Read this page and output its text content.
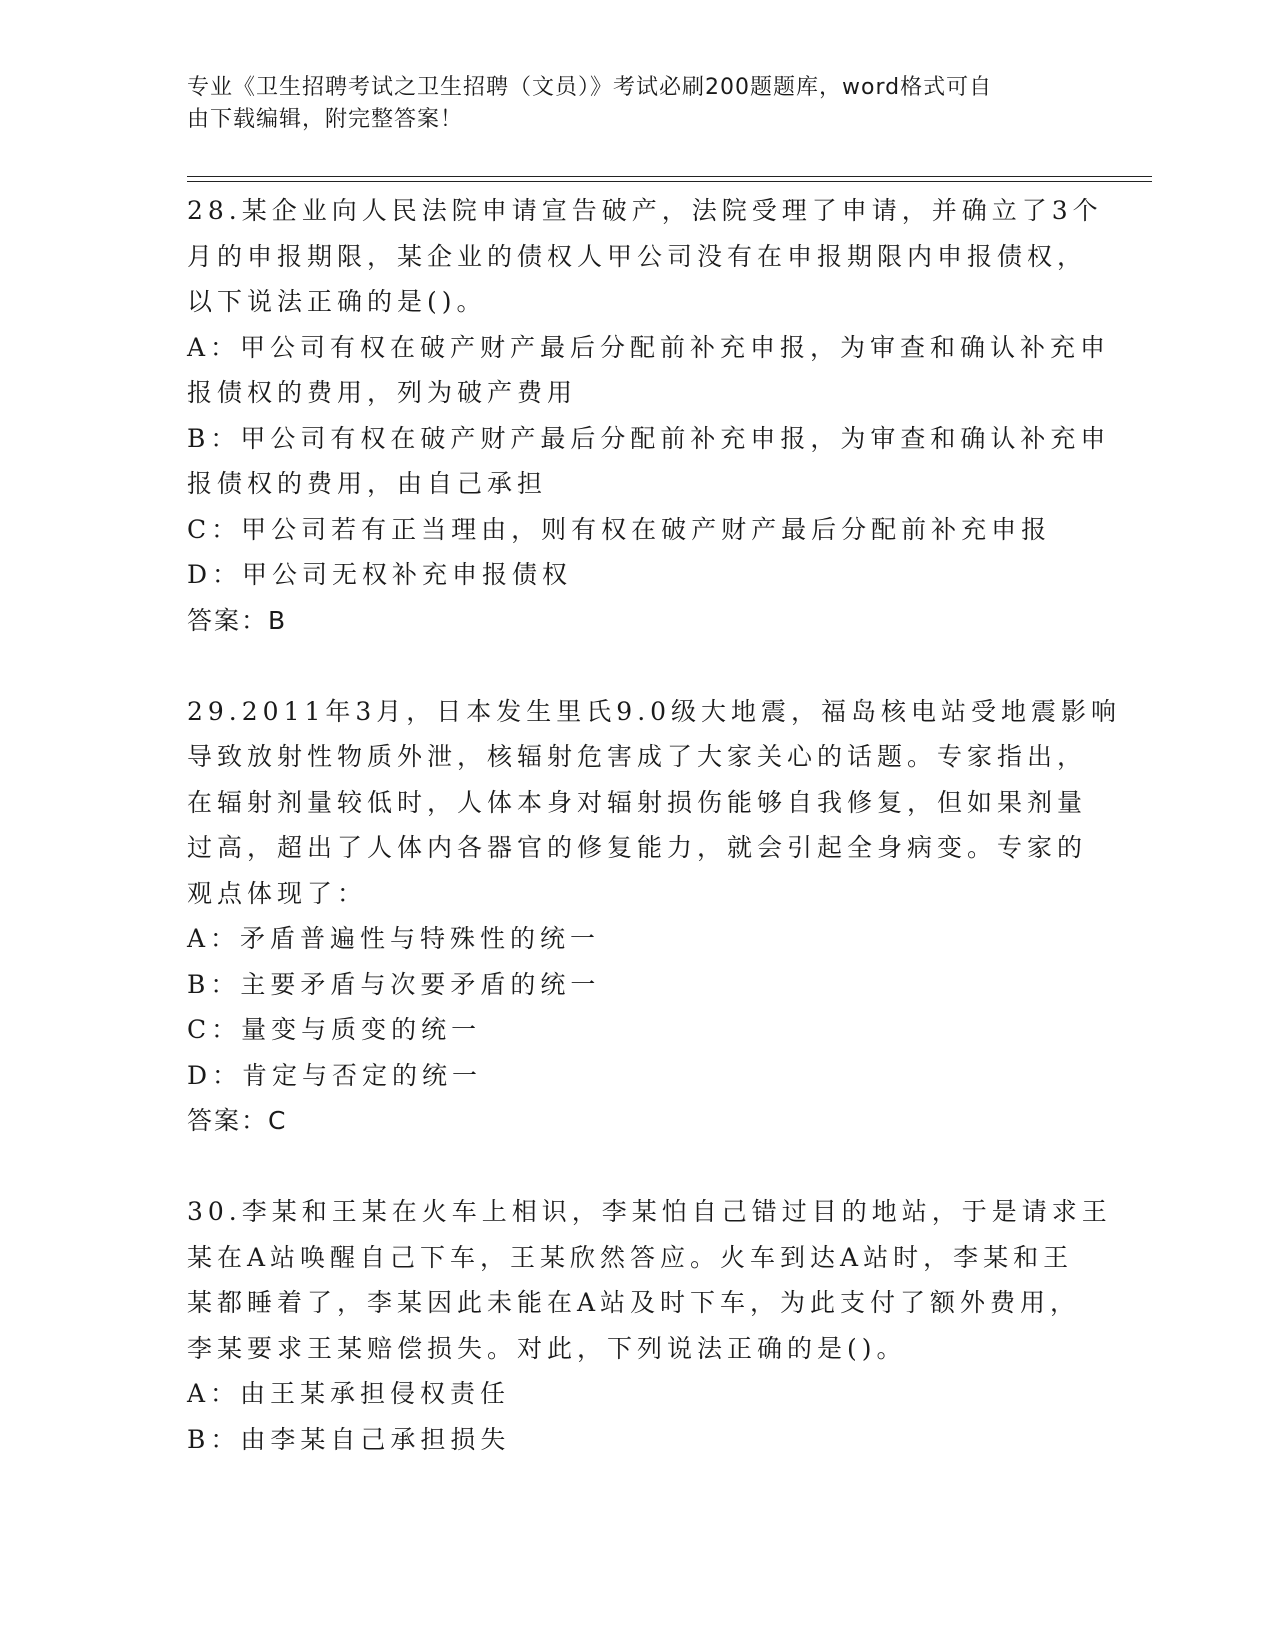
专业《卫生招聘考试之卫生招聘（文员）》考试必刷200题题库，word格式可自
由下载编辑，附完整答案！
28.某企业向人民法院申请宣告破产，法院受理了申请，并确立了3个
月的申报期限，某企业的债权人甲公司没有在申报期限内申报债权，
以下说法正确的是()。
A：甲公司有权在破产财产最后分配前补充申报，为审查和确认补充申
报债权的费用，列为破产费用
B：甲公司有权在破产财产最后分配前补充申报，为审查和确认补充申
报债权的费用，由自己承担
C：甲公司若有正当理由，则有权在破产财产最后分配前补充申报
D：甲公司无权补充申报债权
答案：B
29.2011年3月，日本发生里氏9.0级大地震，福岛核电站受地震影响
导致放射性物质外泄，核辐射危害成了大家关心的话题。专家指出，
在辐射剂量较低时，人体本身对辐射损伤能够自我修复，但如果剂量
过高，超出了人体内各器官的修复能力，就会引起全身病变。专家的
观点体现了：
A：矛盾普遍性与特殊性的统一
B：主要矛盾与次要矛盾的统一
C：量变与质变的统一
D：肯定与否定的统一
答案：C
30.李某和王某在火车上相识，李某怕自己错过目的地站，于是请求王
某在A站唤醒自己下车，王某欣然答应。火车到达A站时，李某和王
某都睡着了，李某因此未能在A站及时下车，为此支付了额外费用，
李某要求王某赔偿损失。对此，下列说法正确的是()。
A：由王某承担侵权责任
B：由李某自己承担损失
